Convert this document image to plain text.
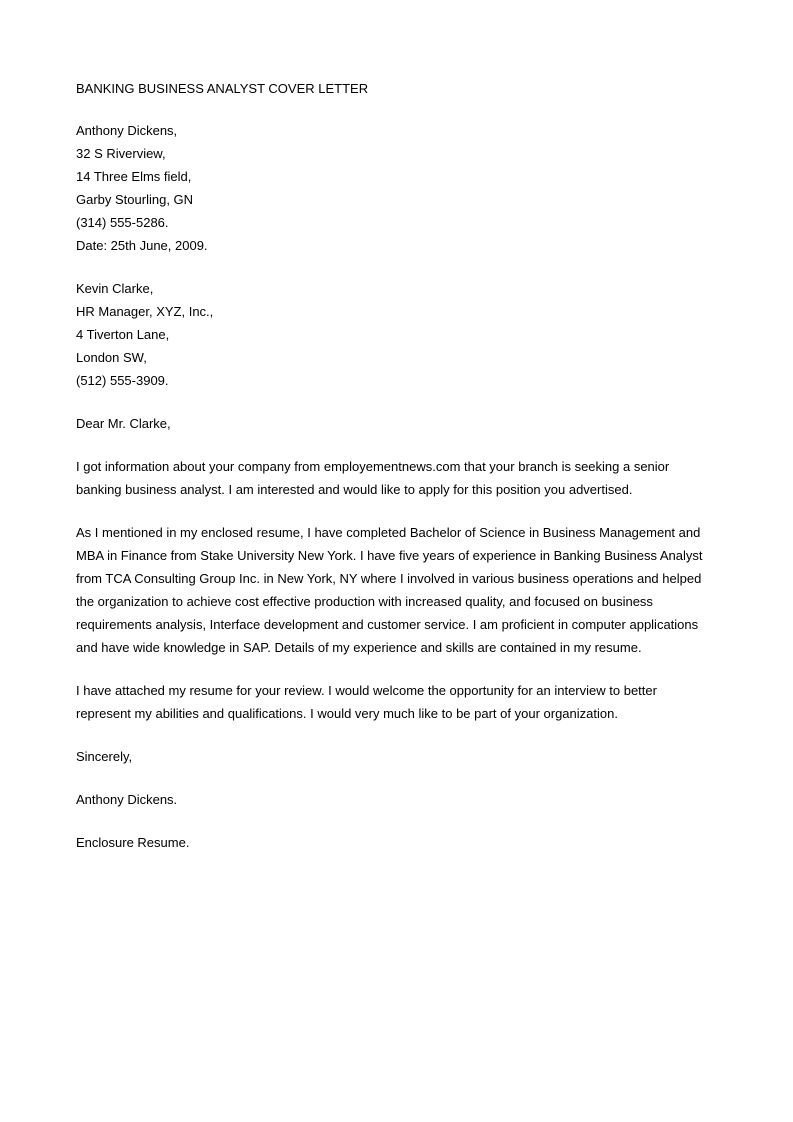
BANKING BUSINESS ANALYST COVER LETTER
Anthony Dickens,
32 S Riverview,
14 Three Elms field,
Garby Stourling, GN
(314) 555-5286.
Date: 25th June, 2009.
Kevin Clarke,
HR Manager, XYZ, Inc.,
4 Tiverton Lane,
London SW,
(512) 555-3909.
Dear Mr. Clarke,
I got information about your company from employementnews.com that your branch is seeking a senior
banking business analyst. I am interested and would like to apply for this position you advertised.
As I mentioned in my enclosed resume, I have completed Bachelor of Science in Business Management and
MBA in Finance from Stake University New York. I have five years of experience in Banking Business Analyst
from TCA Consulting Group Inc. in New York, NY where I involved in various business operations and helped
the organization to achieve cost effective production with increased quality, and focused on business
requirements analysis, Interface development and customer service. I am proficient in computer applications
and have wide knowledge in SAP. Details of my experience and skills are contained in my resume.
I have attached my resume for your review. I would welcome the opportunity for an interview to better
represent my abilities and qualifications. I would very much like to be part of your organization.
Sincerely,
Anthony Dickens.
Enclosure Resume.
